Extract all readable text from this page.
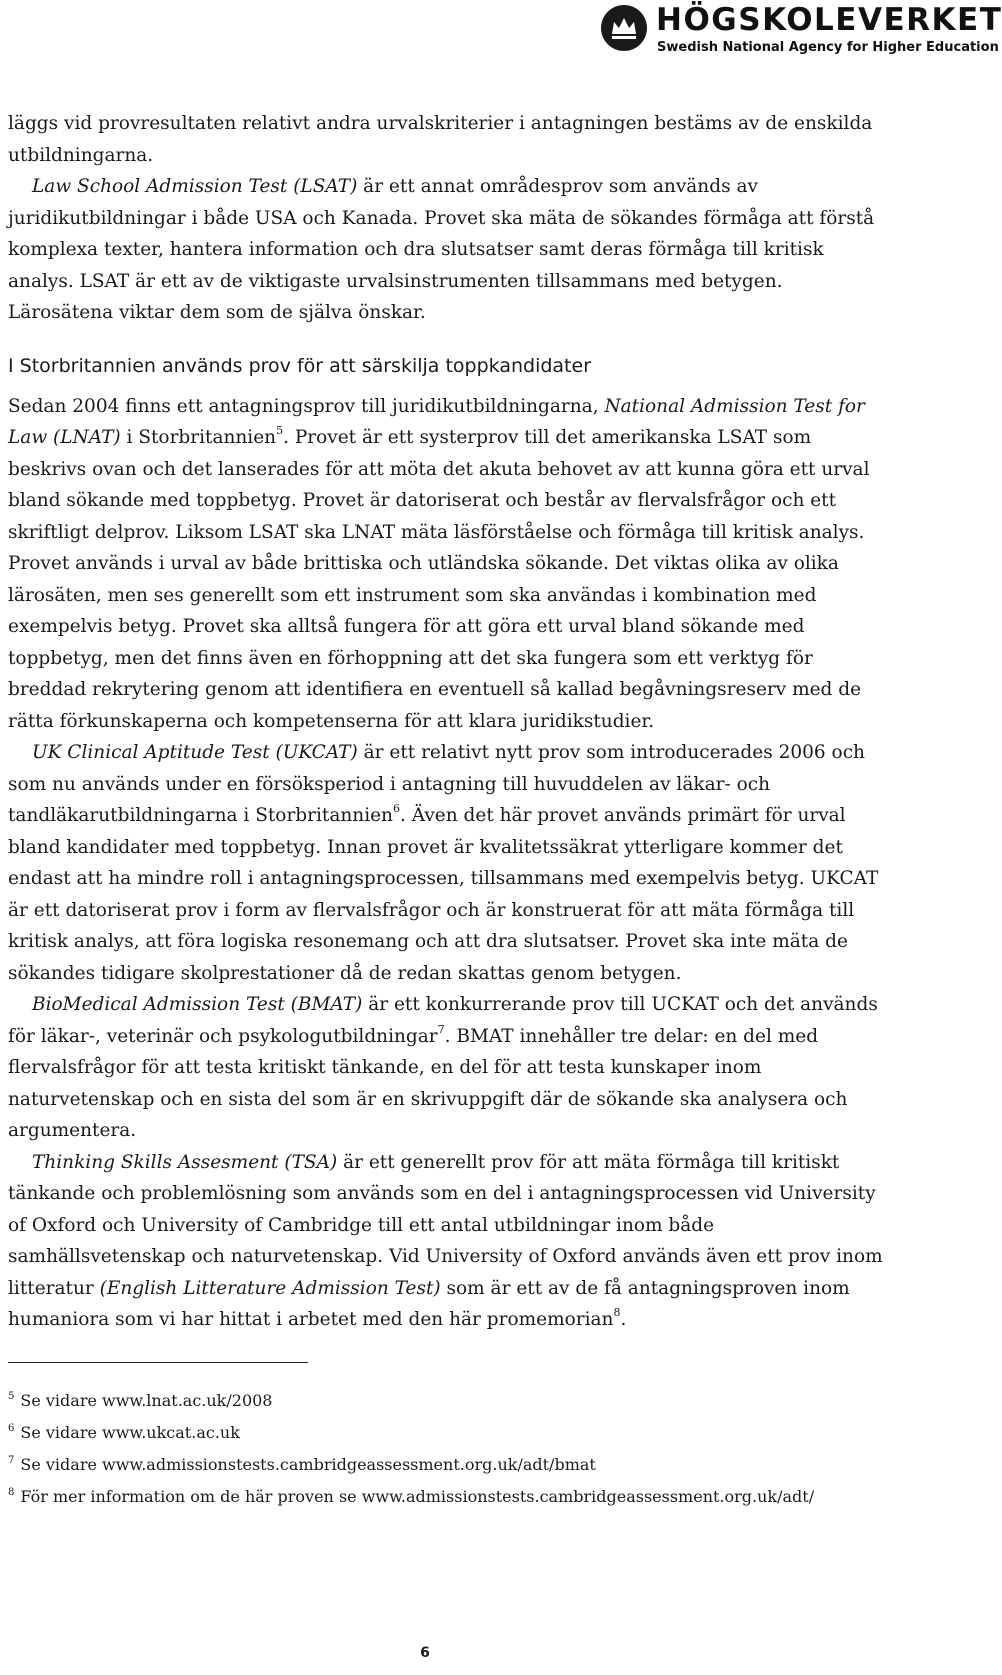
HÖGSKOLEVERKET
Swedish National Agency for Higher Education

läggs vid provresultaten relativt andra urvalskriterier i antagningen bestäms av de enskilda utbildningarna.

Law School Admission Test (LSAT) är ett annat områdesprov som används av juridikutbildningar i både USA och Kanada. Provet ska mäta de sökandes förmåga att förstå komplexa texter, hantera information och dra slutsatser samt deras förmåga till kritisk analys. LSAT är ett av de viktigaste urvalsinstrumenten tillsammans med betygen. Lärosätena viktar dem som de själva önskar.

I Storbritannien används prov för att särskilja toppkandidater

Sedan 2004 finns ett antagningsprov till juridikutbildningarna, National Admission Test for Law (LNAT) i Storbritannien$^5$. Provet är ett systerprov till det amerikanska LSAT som beskrivs ovan och det lanserades för att möta det akuta behovet av att kunna göra ett urval bland sökande med toppbetyg. Provet är datoriserat och består av flervalsfrågor och ett skriftligt delprov. Liksom LSAT ska LNAT mäta läsförståelse och förmåga till kritisk analys. Provet används i urval av både brittiska och utländska sökande. Det viktas olika av olika lärosäten, men ses generellt som ett instrument som ska användas i kombination med exempelvis betyg. Provet ska alltså fungera för att göra ett urval bland sökande med toppbetyg, men det finns även en förhoppning att det ska fungera som ett verktyg för breddad rekrytering genom att identifiera en eventuell så kallad begåvningsreserv med de rätta förkunskaperna och kompetenserna för att klara juridikstudier.

UK Clinical Aptitude Test (UKCAT) är ett relativt nytt prov som introducerades 2006 och som nu används under en försöksperiod i antagning till huvuddelen av läkar- och tandläkarutbildningarna i Storbritannien$^6$. Även det här provet används primärt för urval bland kandidater med toppbetyg. Innan provet är kvalitetssäkrat ytterligare kommer det endast att ha mindre roll i antagningsprocessen, tillsammans med exempelvis betyg. UKCAT är ett datoriserat prov i form av flervalsfrågor och är konstruerat för att mäta förmåga till kritisk analys, att föra logiska resonemang och att dra slutsatser. Provet ska inte mäta de sökandes tidigare skolprestationer då de redan skattas genom betygen.

BioMedical Admission Test (BMAT) är ett konkurrerande prov till UCKAT och det används för läkar-, veterinär och psykologutbildningar$^7$. BMAT innehåller tre delar: en del med flervalsfrågor för att testa kritiskt tänkande, en del för att testa kunskaper inom naturvetenskap och en sista del som är en skrivuppgift där de sökande ska analysera och argumentera.

Thinking Skills Assesment (TSA) är ett generellt prov för att mäta förmåga till kritiskt tänkande och problemlösning som används som en del i antagningsprocessen vid University of Oxford och University of Cambridge till ett antal utbildningar inom både samhällsvetenskap och naturvetenskap. Vid University of Oxford används även ett prov inom litteratur (English Litterature Admission Test) som är ett av de få antagningsproven inom humaniora som vi har hittat i arbetet med den här promemorian$^8$.

$^5$ Se vidare www.lnat.ac.uk/2008
$^6$ Se vidare www.ukcat.ac.uk
$^7$ Se vidare www.admissionstests.cambridgeassessment.org.uk/adt/bmat
$^8$ För mer information om de här proven se www.admissionstests.cambridgeassessment.org.uk/adt/
6
